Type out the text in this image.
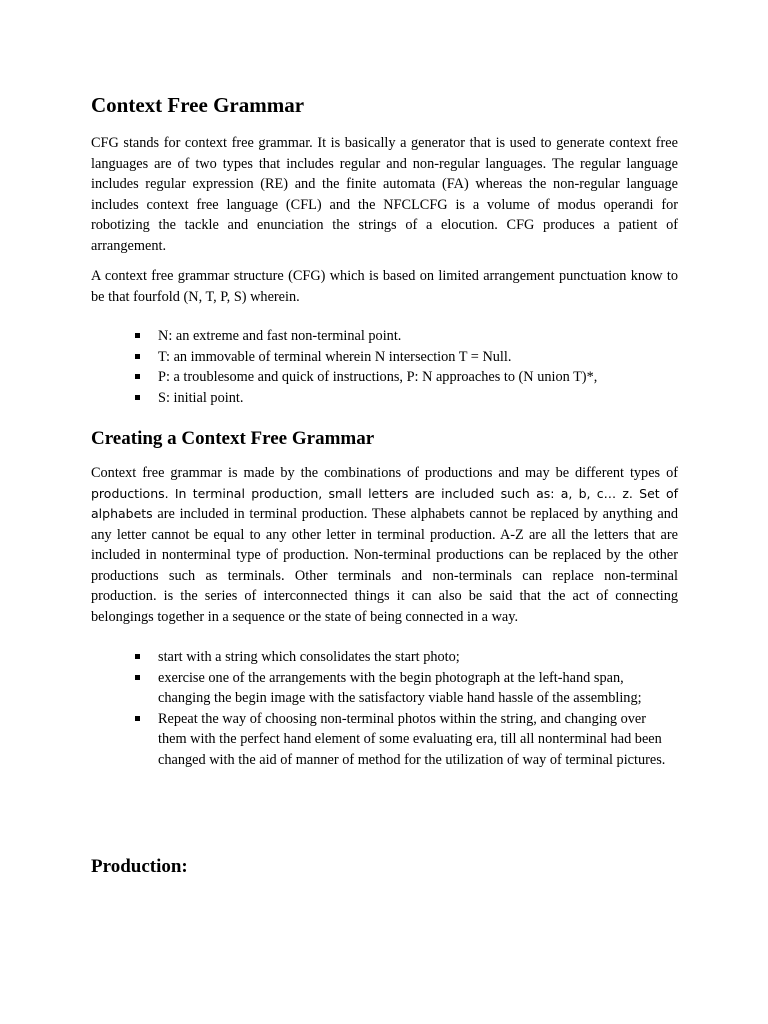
Context Free Grammar

CFG stands for context free grammar. It is basically a generator that is used to generate context free languages are of two types that includes regular and non-regular languages. The regular language includes regular expression (RE) and the finite automata (FA) whereas the non-regular language includes context free language (CFL) and the NFCLCFG is a volume of modus operandi for robotizing the tackle and enunciation the strings of a elocution. CFG produces a patient of arrangement.

A context free grammar structure (CFG) which is based on limited arrangement punctuation know to be that fourfold (N, T, P, S) wherein.

N: an extreme and fast non-terminal point.
T: an immovable of terminal wherein N intersection T = Null.
P: a troublesome and quick of instructions, P: N approaches to (N union T)*,
S: initial point.
Creating a Context Free Grammar

Context free grammar is made by the combinations of productions and may be different types of productions. In terminal production, small letters are included such as: a, b, c… z. Set of alphabets are included in terminal production. These alphabets cannot be replaced by anything and any letter cannot be equal to any other letter in terminal production. A-Z are all the letters that are included in nonterminal type of production. Non-terminal productions can be replaced by the other productions such as terminals. Other terminals and non-terminals can replace non-terminal production. is the series of interconnected things it can also be said that the act of connecting belongings together in a sequence or the state of being connected in a way.

start with a string which consolidates the start photo;
exercise one of the arrangements with the begin photograph at the left-hand span, changing the begin image with the satisfactory viable hand hassle of the assembling;
Repeat the way of choosing non-terminal photos within the string, and changing over them with the perfect hand element of some evaluating era, till all nonterminal had been changed with the aid of manner of method for the utilization of way of terminal pictures.
Production:
